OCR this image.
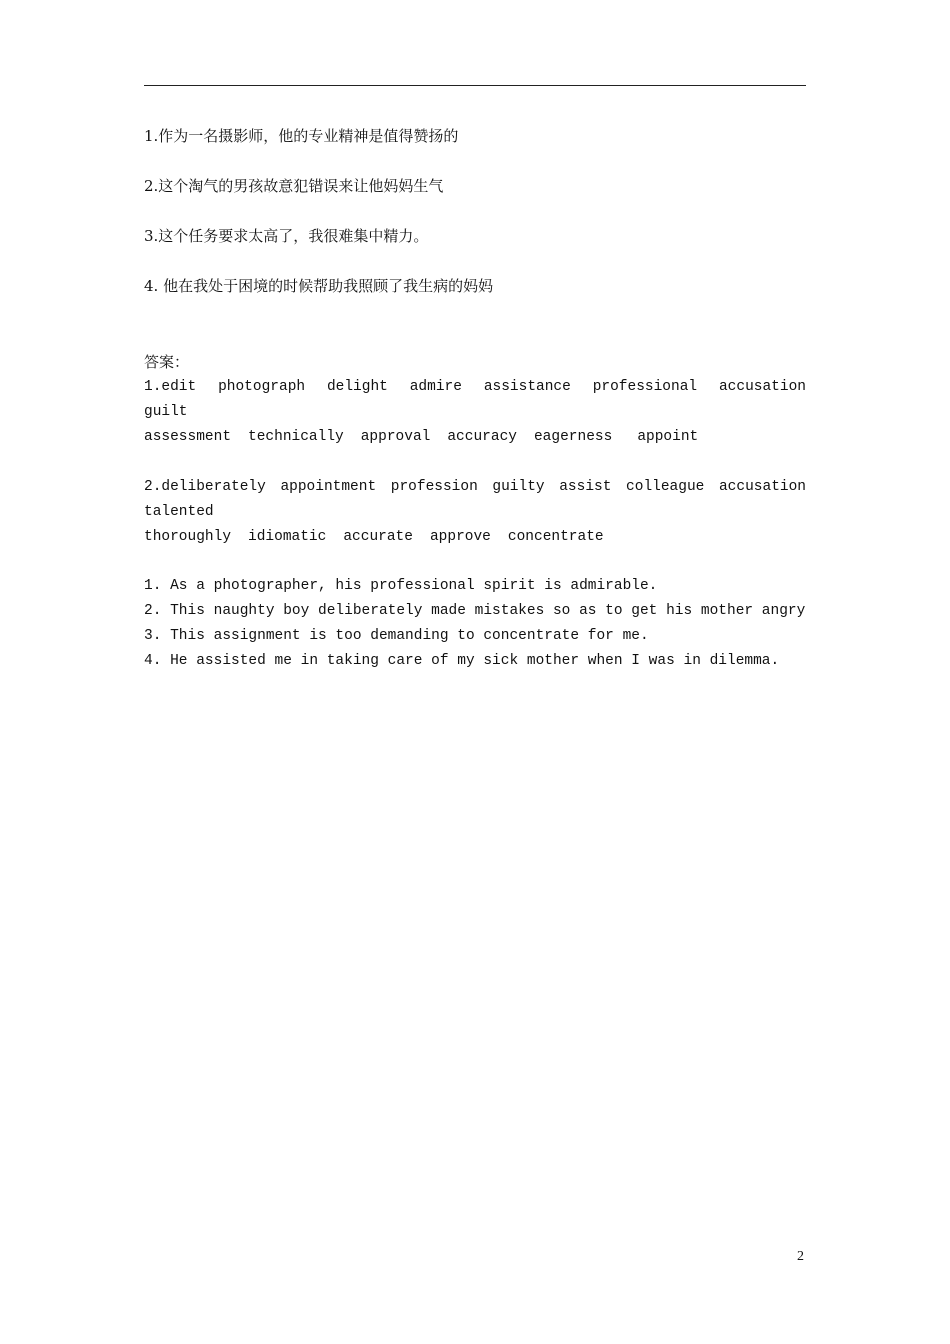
1.作为一名摄影师，他的专业精神是值得赞扬的
2.这个淘气的男孩故意犯错误来让他妈妈生气
3.这个任务要求太高了，我很难集中精力。
4. 他在我处于困境的时候帮助我照顾了我生病的妈妈
答案：
1.edit photograph delight admire assistance professional accusation
guilt
assessment technically approval accuracy eagerness appoint
2.deliberately appointment profession guilty assist colleague accusation
talented
thoroughly idiomatic accurate approve concentrate
1. As a photographer, his professional spirit is admirable.
2. This naughty boy deliberately made mistakes so as to get his mother angry
3. This assignment is too demanding to concentrate for me.
4. He assisted me in taking care of my sick mother when I was in dilemma.
2
